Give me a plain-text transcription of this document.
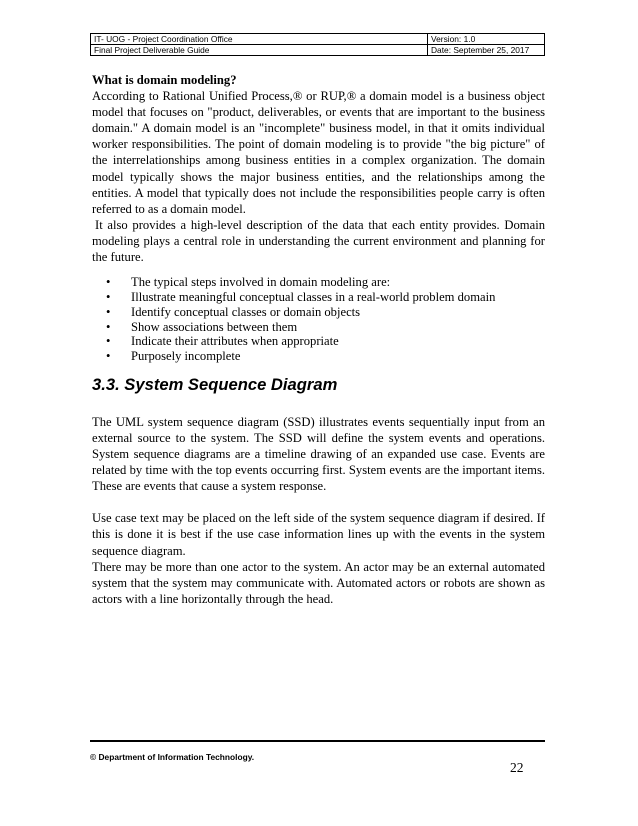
IT- UOG - Project Coordination Office	Version: 1.0
Final Project Deliverable Guide	Date: September 25, 2017

What is domain modeling?

According to Rational Unified Process,® or RUP,® a domain model is a business object model that focuses on "product, deliverables, or events that are important to the business domain." A domain model is an "incomplete" business model, in that it omits individual worker responsibilities. The point of domain modeling is to provide "the big picture" of the interrelationships among business entities in a complex organization. The domain model typically shows the major business entities, and the relationships among the entities. A model that typically does not include the responsibilities people carry is often referred to as a domain model.

It also provides a high-level description of the data that each entity provides. Domain modeling plays a central role in understanding the current environment and planning for the future.

• The typical steps involved in domain modeling are:
• Illustrate meaningful conceptual classes in a real-world problem domain
• Identify conceptual classes or domain objects
• Show associations between them
• Indicate their attributes when appropriate
• Purposely incomplete
3.3. System Sequence Diagram

The UML system sequence diagram (SSD) illustrates events sequentially input from an external source to the system. The SSD will define the system events and operations. System sequence diagrams are a timeline drawing of an expanded use case. Events are related by time with the top events occurring first. System events are the important items. These are events that cause a system response.

Use case text may be placed on the left side of the system sequence diagram if desired. If this is done it is best if the use case information lines up with the events in the system sequence diagram.

There may be more than one actor to the system. An actor may be an external automated system that the system may communicate with. Automated actors or robots are shown as actors with a line horizontally through the head.

© Department of Information Technology.
22
